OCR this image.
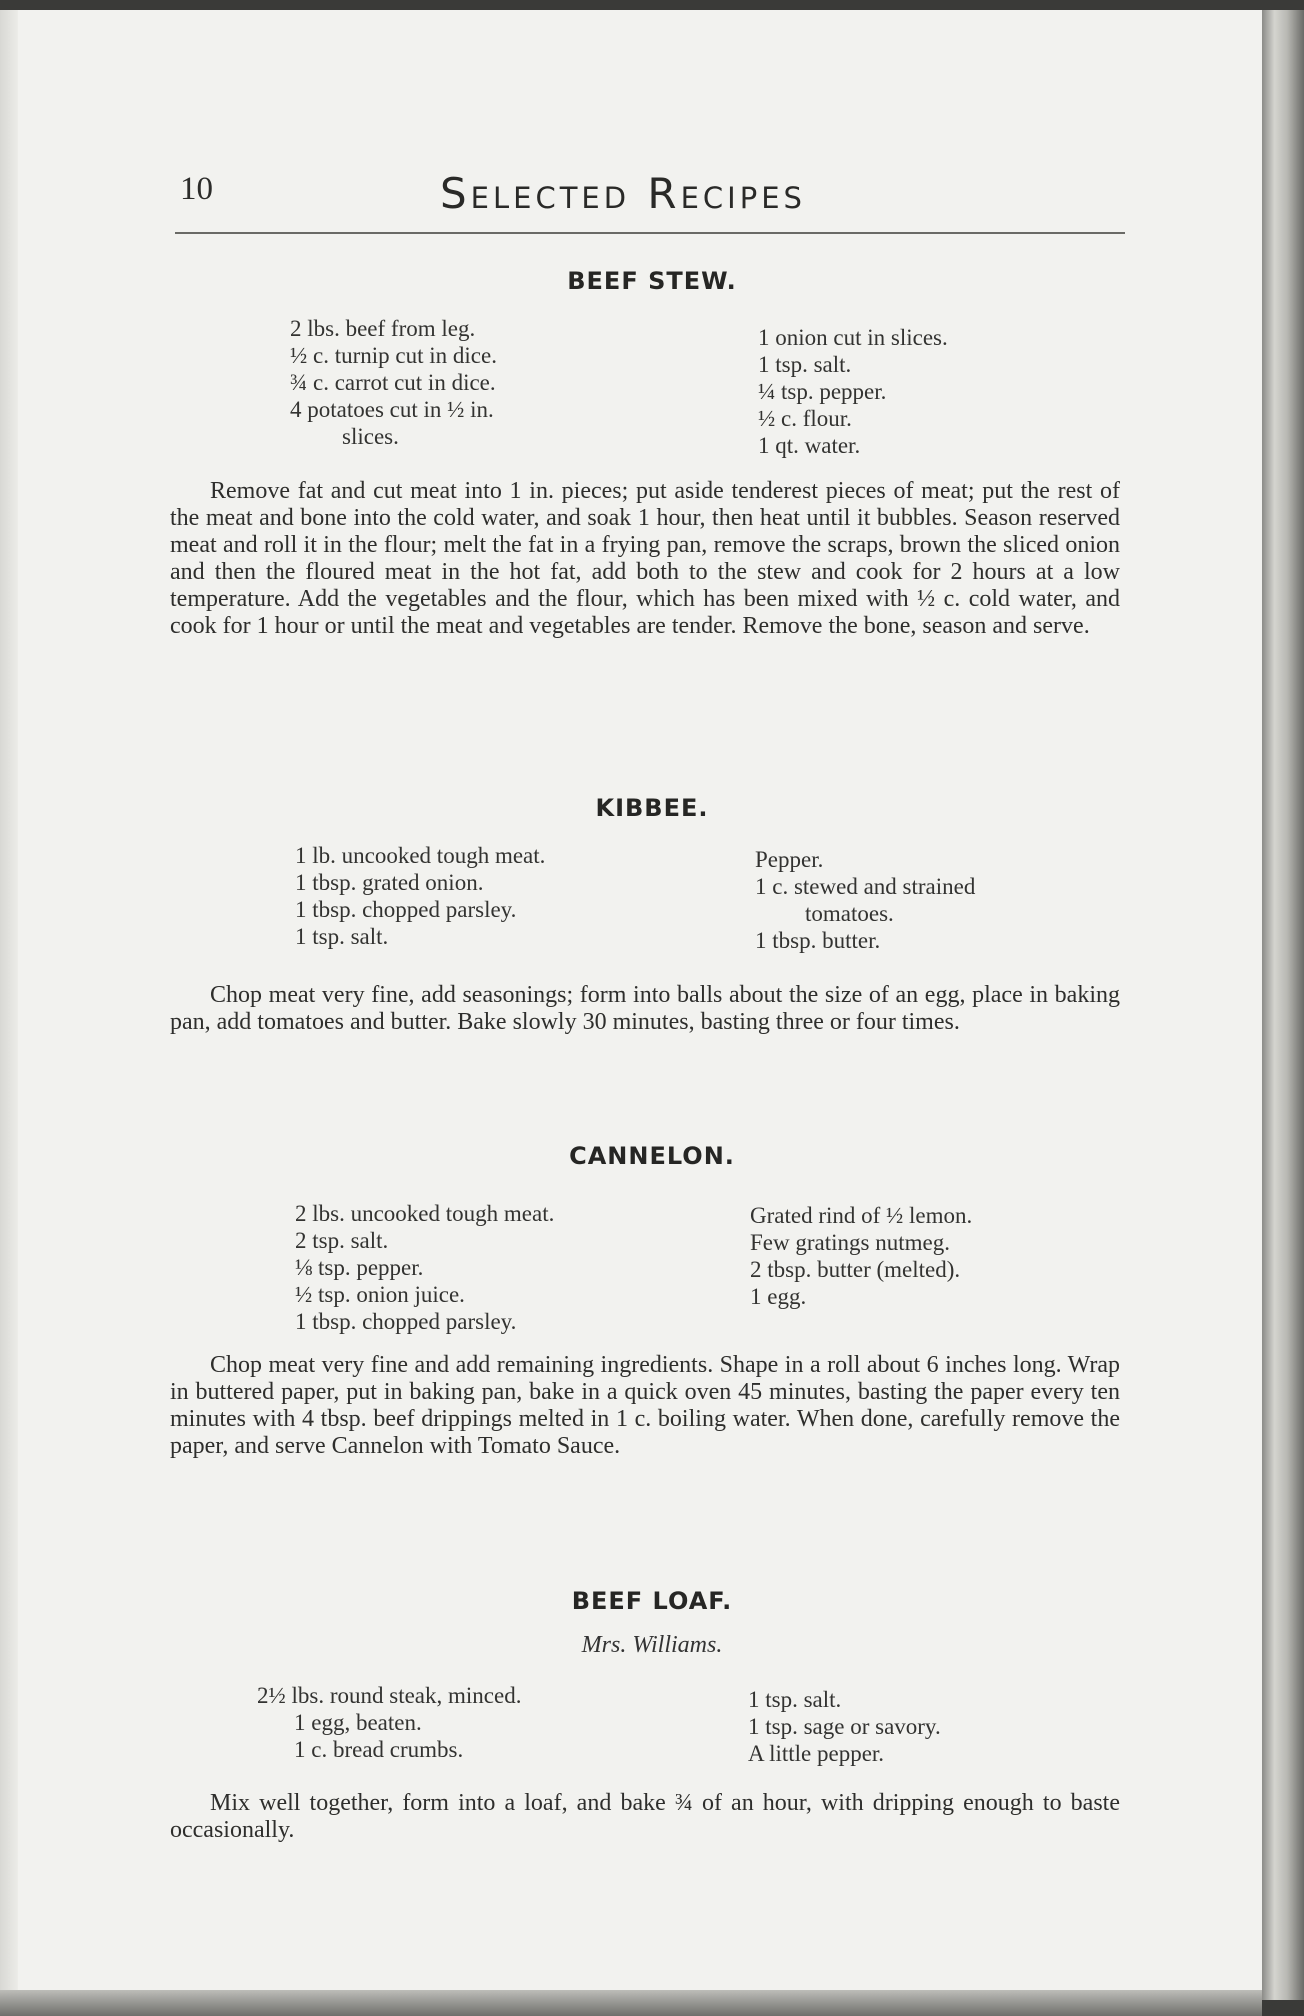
10	Selected Recipes
BEEF STEW.
2 lbs. beef from leg.
½ c. turnip cut in dice.
¾ c. carrot cut in dice.
4 potatoes cut in ½ in.
slices.
1 onion cut in slices.
1 tsp. salt.
¼ tsp. pepper.
½ c. flour.
1 qt. water.
Remove fat and cut meat into 1 in. pieces; put aside tenderest pieces of meat; put the rest of the meat and bone into the cold water, and soak 1 hour, then heat until it bubbles. Season reserved meat and roll it in the flour; melt the fat in a frying pan, remove the scraps, brown the sliced onion and then the floured meat in the hot fat, add both to the stew and cook for 2 hours at a low temperature. Add the vegetables and the flour, which has been mixed with ½ c. cold water, and cook for 1 hour or until the meat and vegetables are tender. Remove the bone, season and serve.
KIBBEE.
1 lb. uncooked tough meat.
1 tbsp. grated onion.
1 tbsp. chopped parsley.
1 tsp. salt.
Pepper.
1 c. stewed and strained
tomatoes.
1 tbsp. butter.
Chop meat very fine, add seasonings; form into balls about the size of an egg, place in baking pan, add tomatoes and butter. Bake slowly 30 minutes, basting three or four times.
CANNELON.
2 lbs. uncooked tough meat.
2 tsp. salt.
⅛ tsp. pepper.
½ tsp. onion juice.
1 tbsp. chopped parsley.
Grated rind of ½ lemon.
Few gratings nutmeg.
2 tbsp. butter (melted).
1 egg.
Chop meat very fine and add remaining ingredients. Shape in a roll about 6 inches long. Wrap in buttered paper, put in baking pan, bake in a quick oven 45 minutes, basting the paper every ten minutes with 4 tbsp. beef drippings melted in 1 c. boiling water. When done, carefully remove the paper, and serve Cannelon with Tomato Sauce.
BEEF LOAF.
Mrs. Williams.
2½ lbs. round steak, minced.
1 egg, beaten.
1 c. bread crumbs.
1 tsp. salt.
1 tsp. sage or savory.
A little pepper.
Mix well together, form into a loaf, and bake ¾ of an hour, with dripping enough to baste occasionally.
